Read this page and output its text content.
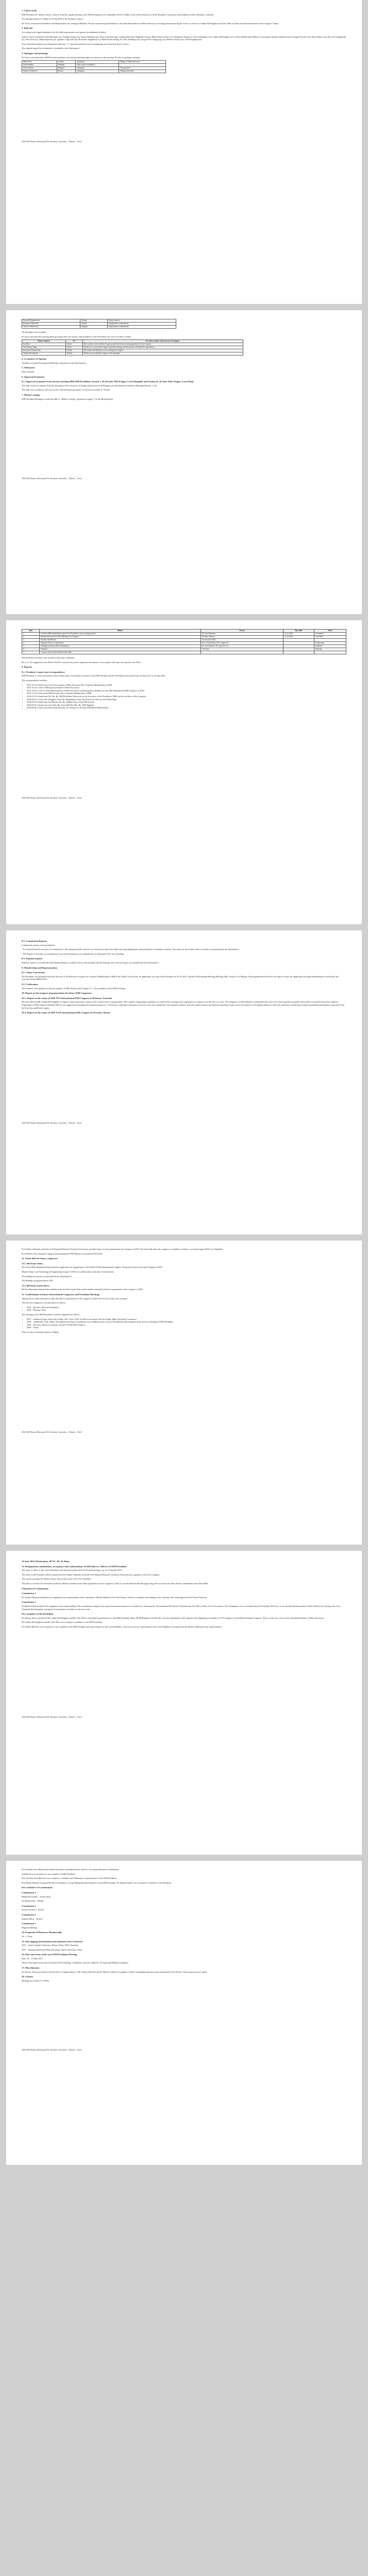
1. Call to order

ISM President, Dr. Andrew Savey, called to order the regular meeting of the ISM Presidium on 22 September 2016 at 1:00pm in the Jellicoe Room (L) of the Brisbane Convention and Exhibition Centre, Brisbane, Australia.

The meeting started at 1:30pm on 22 Sep 2016 at the location as above.

Dr. Savey welcomed all attendees and thanked them for coming to Brisbane. He also expressed special thanks to the Australian Institute of Mine Surveyors for hosting and sponsoring the event, as well as to Callum McNaughton and Chris Mes for their personal involvement in the Congress Chaire.

2. Roll call

According to the signed attendance list the following persons were present (in alphabetical order):

Andrew Savey (Australia), Paul Barendse (za), Xiangbo Kang (cn), Tatiana Bonduzz (gr), Elena Ermolowa (gr), Vadim Kubin (gr), Bingrutin Na (gr), Milos Kolarevic(kvo-zz), Wuming Lekang (cs), Tan Lianhuagen (cn), Callum McNaughton (cs), Zheto Mikula (pl), Barbara Ciezszynska, Kannan (Malaysia) (in), Kaiquli Proweli (en), Alan Penson (en), Rewrsch Ganguaham (ir), Fritz Jiron (cs), Maria Kopecka (pl), Ignatiev Ling Yuan (nl), Bernardo Tang(Polo) (sr), Mark Sinclair Wang, Ivo Flei, Vartlaugs (ru), Greg Ja-dor Chang (ng) [cn], Herbert Teclaxe (ar), Xhu Peiogham (an).

Note: President members not designated with letter “r”, honorary members and accompanying are in brackets (here 'd' does ).

The original signed list of attendees is included as the Attachment 1.

3. Apologies and greetings

Dr Savey welcomed other ISM President members who had provided apologies for absence at the meeting. The list of apologies includes:

Muster Pel	Canada	Apologies	Mirage of Mine Surveyors
Simon Mullin	Belgium	Mine study coordinators	
Prince Ramos	Bulgaria	Apologies	Not specified
Andrey Gorbachev	Russia	Apologies	Mining University
29th ISM Plenum Meeting (2016; Brisbane, Australia) – Minutes – Draft
Ryszard Hejmanowski	Poland	Family matters
Kazimierz Bawinski	Poland	Employment commitments
Wojciech Mahowski	Bulgaria	Employment commitments

All apologies were accepted.

Dr Savey informed the meeting about greetings that were sent by some members of the Presidium who were not able to attend.

Name, Country	CV	Dr. Savey wishes to the success of Congress
Jian Hou	China	Best wishes to the excellent Congress and the hard work and preparations for the Congress
Yun-Ching Chang	China	Wishes for a successful Congress and that meetings and discussions will fulfil the expectations
Kazimierz Pieranowski	Poland	He would wish Brisbane success during the Congress
Andrzej Kowalczyk	Poland	Wishes success and the congress to be enjoyable.
4. Acceptance of Agenda

Attendees accepted the proposed Meeting’s Agenda as in the Attachment 2.

5. Obituaries

None reported.

6. Approval of minutes
6.1. Approval of minutes from the last meeting (28th ISM Presidium; Session 1, 26-28 June 2016 Prague, Czech Republic and Session II, 30 June 2016, Prague, Czech Rep)

The draft version of minutes from the meetings in Prior Session 1 in Prague and Session II in Beijing) were distributed to attendees (Meeting Pack pp. 1-16).

The draft were accepted as the true record of the meetings apropriate: A. Pierson seconded: A. Wrobel.

7. Matters arising

ISM President Meeting to reveal the table of “Matters Arising” presented on page 17 of the Meeting Pack.

29th ISM Plenum Meeting (2016; Brisbane, Australia) – Minutes – Draft
Item	Matter	Owner	Due date	Notes
1	Confirm ISM Annual Report period for President’s team working method	Mr Tom Hamilton	31.12.2015	Completed
2	Planned Discussion of New Members for Congress	Dr Peter Adlesen	15.12.2016	Cancelled
3	Finalize the Minutes	Secretariate Office		
4	Register ISM as a Legal Entity	Prof. Zsolt Kukoli, Prof. Sergei Zav		Progressing
5	Webpage and Newsletter Distribution	Dr. Zsolt Kukoli / Dr. Gaje Tae Gov		Finalized
6	Finances	Treasurer		Ongoing
7	Liaison with relevant International bodies			

The presented outcomes were accepted with some comments:

Re: p. 4: The suggestion from Marek Veitlof to actively raise more important discussions was accepted. This item was moved to the 2016.

8. Reports
8.1. President’s report and correspondence

ISM President, A. Savey presented a short verbal report covering the activities of the ISM President and the President in the period from 10 June 2015 to 22 Sep 2016.

The correspondence includes:

• 2015.10.14: Email from Czech Association of Mine Surveyors Re: Corporate Membership of ISM
• 2015.10.22: Letter to Mining Association of Mine Surveyors
• 2015.10.22: Letter of Australian Institute of Mine Surveyors confirming their members for the 16th International ISM Congress in 2016.
• 2015.11.30: Letter from ISM Secretary Re: Corporate Membership of ISM
• 2016.02.10: Email from Chi Tao, Re: ISM President, Decisions on the Activities of the President of ISM, on the activities of the Congress.
• 2016.04.01: Letter from Wanglian Chen, Re: Regulations from Association for Surveys and Technology
• 2016.05.03: Email from Jan Blachowski, Re: Digital Form of the ISM Journal
• 2016.06.01: Email from Chris Mes Re: Tour ISM Wei Mes, Re: ISM-Pipeline
• 2016.06.01: Letter from Peter Kalit (Russia), Re: Request of Ukraine ISM Board Membership
29th ISM Plenum Meeting (2016; Brisbane, Australia) – Minutes – Draft
8.2. Commission Reports

Commission reports were provided by:

- Dr Gerald Powell in activities of Commission 1. He summarized the activities on collection of data from mine surveying departments and practitioners in member countries. The report on the results of these activities was presented in the Attachment 3.

- The Report of Activities of Commission 6 was the Attachment 4 was submitted by its Chairman, Prof. Zou Xiaobing.

8.3. National reports

National reports: It was decided that National Reports would be used to and included into the meeting. The received reports are included into the Attachment 5.

9. Membership and Representation
9.1. China Coal Society

The Presidium was informed about the decision of the Executive to grant the Corporate Membership of ISM to the China Coal Society. Its application was sent to the President on 10 Oct 2015, and the full Presidium Meeting (Meeting 28th, session II, in Beijing, China) granted the Executive the right to review the application and grant membership as resolved by the executive board (MINUTES).

9.2. Celebration

The members were updated on the new number of ISM, details in the Chapter 15 – New members of the ISM Presidium.

10. Report on the progress of preparations for future ISM Congresses
10.1. Report on the status of 2016 XVI International ISM Congress in Brisbane, Australia

Mr Chris Mes and Mr Callum McNaughton (Congress Chairs) provided a report on the current status of preparations. The Congress Organising Committee was intensively working on the registration of congress over the last two years. The frequency of teleconferences intensified from once every three months to monthly and weekly for months before the Congress. Preparation of ISM Congress Brisbane (DCA) was supported in managing the preparation process. A Scientific Committee and papers reviewers were also established. The organizers believe, that they cannot achieve the financial abundance target, due to downturns in the mining industry to have the conference should attract many international participants, especially from the East Asia and Pacific region.

10.2. Report on the status of 2019 XVII International ISM Congress in Wroclaw, Russia
29th ISM Plenum Meeting (2016; Brisbane, Australia) – Minutes – Draft

Prof Andrei Otshenko, from the Ural National Research Technical University provided status of early preparations for Congress in 2019. The early talk about the congress is available at website: www.ismcongress2019.ru (in English).

Prof Pitkinov also reported to support and maintain the ISM Website in the period 2016-2019.

11. Venue bids for future congresses
11.1. Bid from China

The China ISM submitted and presented its application for organization of the (2022) XVIII International Congress. Proposed location and venue: Beijing, CCMT.

Mainly China Coal Technology & Engineering Group (CCTEG) in collaboration with other 14 universities.

The bidding documents are presented in the Attachment 6.

The Bidding voting procedures: R21

11.2. Bid from South Africa

Mr Paul Barendse informed that withdrawn the bid from South Africa and formally submitted a bid for organization of the Congress in 2022.

12. Confirmation of future International Congresses and Presidium Meetings

Taking into account resolution of talks that bid for organization of the Congress in 2022, the best host China was accepted.

The next two congresses will take place as follows:

• 2019 – Wroclaw, Russian Federation
• 2022 – Beijing, China

The meetings of the ISM Presidium would be organised as follows:

• 2017 – Southeast Asian, 2nd week of May, 3rd-7 June, 2018: It will be run jointly with the Nordic Mine Surveying Conference.
• 2018 – Uzbekistan: (Jule, 2018). The planned meeting in Kazakhstan was withdrawn due to lack of Kazakhstan representation in the last two meetings of ISM Presidium.
• 2019 – Wroclaw, Russia to coincide with the XVIIth ISM Congress
• 2020 – China

(The five day of meeting ended at 3:30pm)

29th ISM Plenum Meeting (2016; Brisbane, Australia) – Minutes – Draft
14 Sept 2016 (Wednesday), 08 XC, RL 16:30am
13. Resignations, nominations, acceptance and confirmations of ISM officers, Officers of ISM Presidium

The terms of office of the current President will end four months after the Seventh meeting, e.g. on 14 January 2017.

The office of the President will be assumed by Prof Andrei Otshenko, from the Ural National Research Technical University, the organiser of the next Congress.

The current president Dr Andrew Savey will assume office of the Vice President.

The office of second Vice President would be filled by nominee from China organisation of the Congress in 2022. It was decided that Mr Haoqing Gong will act in this role until official confirmation from China ISM.

Chairmen of Commissions
Commission 3

Dr. Norbert Benecke handed in his resignation from chairmanship of the commission. Martin Aldonely. Prof Axel Preusse offered to nominate and looking at new chairman. He would approach Prof Garret Tonisson.

Commission 5

Dr Martin Vodell handed in his resignation from chairmanship of the commission citing his new long-involvement and move to another new, South pacific. He nominated Mr Wouter Vermaak from the GSE to follow in for the position. The nomination was re-considered by the Presidium. However, it was decided that the position will be filled in the coming years. New Chairman should prepare a proposal of commission activities for the next years.

New members of the Presidium

Dr Andrew Savey introduced Mr Callum McNaughton and Mr Chris Mes as Australian representatives to the ISM Presidium. Both, Mr McNaughton and Mr Mes, actively participated in the annual of the Organising Committee of XVI Congress of the ISM in Brisbane Congress. They are also very active in the Australian Institute of Mine Surveyors.

Mr Callum McNaughton and Mr Chris Mes were accepted as members to the ISM Presidium.

Dr Norbert Benecke was accepted as a new member in the ISM Presidium and representative of the Czech Republic, who shows the next representatives the Czech Republic as proposed by Dr Martin Vodell (previous representative).

29th ISM Plenum Meeting (2016; Brisbane, Australia) – Minutes – Draft

Prof Jaroslaw Szczełbowski presented with almost missing interests and new surveying education in Uzbekistan.

Uzbekistan was accepted as a new member of ISM Presidium.

Prof Jaroslaw Szczełbowski was accepted as a member and Uzbekistan’s representative to the ISM Presidium.

Prof Daniel Ilkenko nominated Dr Jinolu Tuchhma to accept Mongolian representative in the ISM Presidium. Dr Ahmed Gandes was accepted as a member of the Presidium.

New members of Commissions
Commission 1

Humbrekt Grobler – South Africa

Jan Blachowski – Poland

Commission 2

Susana Goshova – Russia

Commission 3

Stephen Mlotz – Russia

Commission 5

Bergonzi Rodrigo

14. Proposals of Honorary Membership

No. 1: None

15. Sub-sapping international and national events of interest

2017 – South Legend Conference, Hunter Valley, NSW, Australia

2017 – International Forum Mine Surveying, Anhui University, China

16. Date and venue of the next ISM Presidium Meeting

Date: 10 – 12 May 2017

Venue: Norwegian University of Science and Technology, Trondheim, Norway. Organiser: Dr Ing Jonill Makhsol Gurgunso

17. Miscellaneous

Dr Andrew Savey presented to attend Letters of Appreciations to Mr Norbert Benecke and Dr Martin Vodell in recognition of their outstanding dedication and commitment to the Society. This proposal was accepted.

18. Closure

Meeting was closed at 11:00am

29th ISM Plenum Meeting (2016; Brisbane, Australia) – Minutes – Draft
